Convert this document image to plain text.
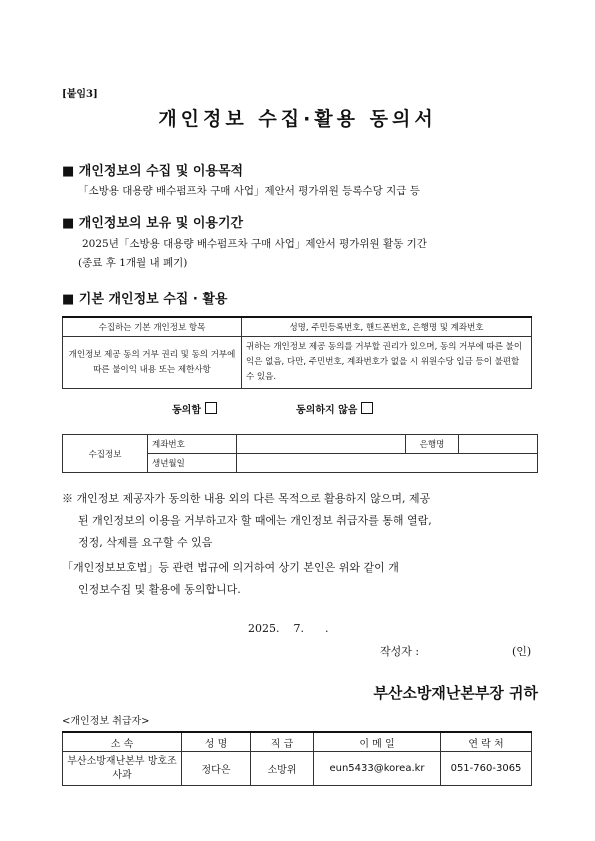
[붙임3]
개인정보 수집·활용 동의서
■ 개인정보의 수집 및 이용목적
「소방용 대용량 배수펌프차 구매 사업」제안서 평가위원 등록수당 지급 등
■ 개인정보의 보유 및 이용기간
2025년「소방용 대용량 배수펌프차 구매 사업」제안서 평가위원 활동 기간
(종료 후 1개월 내 폐기)
■ 기본 개인정보 수집 · 활용
수집하는 기본 개인정보 항목	성명, 주민등록번호, 핸드폰번호, 은행명 및 계좌번호
개인정보 제공 동의 거부 권리 및 동의 거부에 따른 불이익 내용 또는 제한사항	귀하는 개인정보 제공 동의를 거부할 권리가 있으며, 동의 거부에 따른 불이익은 없음, 다만, 주민번호, 계좌번호가 없을 시 위원수당 입금 등이 불편할 수 있음.
동의함	동의하지 않음
수집정보	계좌번호		은행명	
	생년월일			
※ 개인정보 제공자가 동의한 내용 외의 다른 목적으로 활용하지 않으며, 제공
된 개인정보의 이용을 거부하고자 할 때에는 개인정보 취급자를 통해 열람,
정정, 삭제를 요구할 수 있음
「개인정보보호법」등 관련 법규에 의거하여 상기 본인은 위와 같이 개
인정보수집 및 활용에 동의합니다.
2025.    7.      .
작성자 :	(인)
부산소방재난본부장 귀하
<개인정보 취급자>
소 속	성 명	직 급	이 메 일	연 락 처
부산소방재난본부 방호조사과	정다은	소방위	eun5433@korea.kr	051-760-3065
